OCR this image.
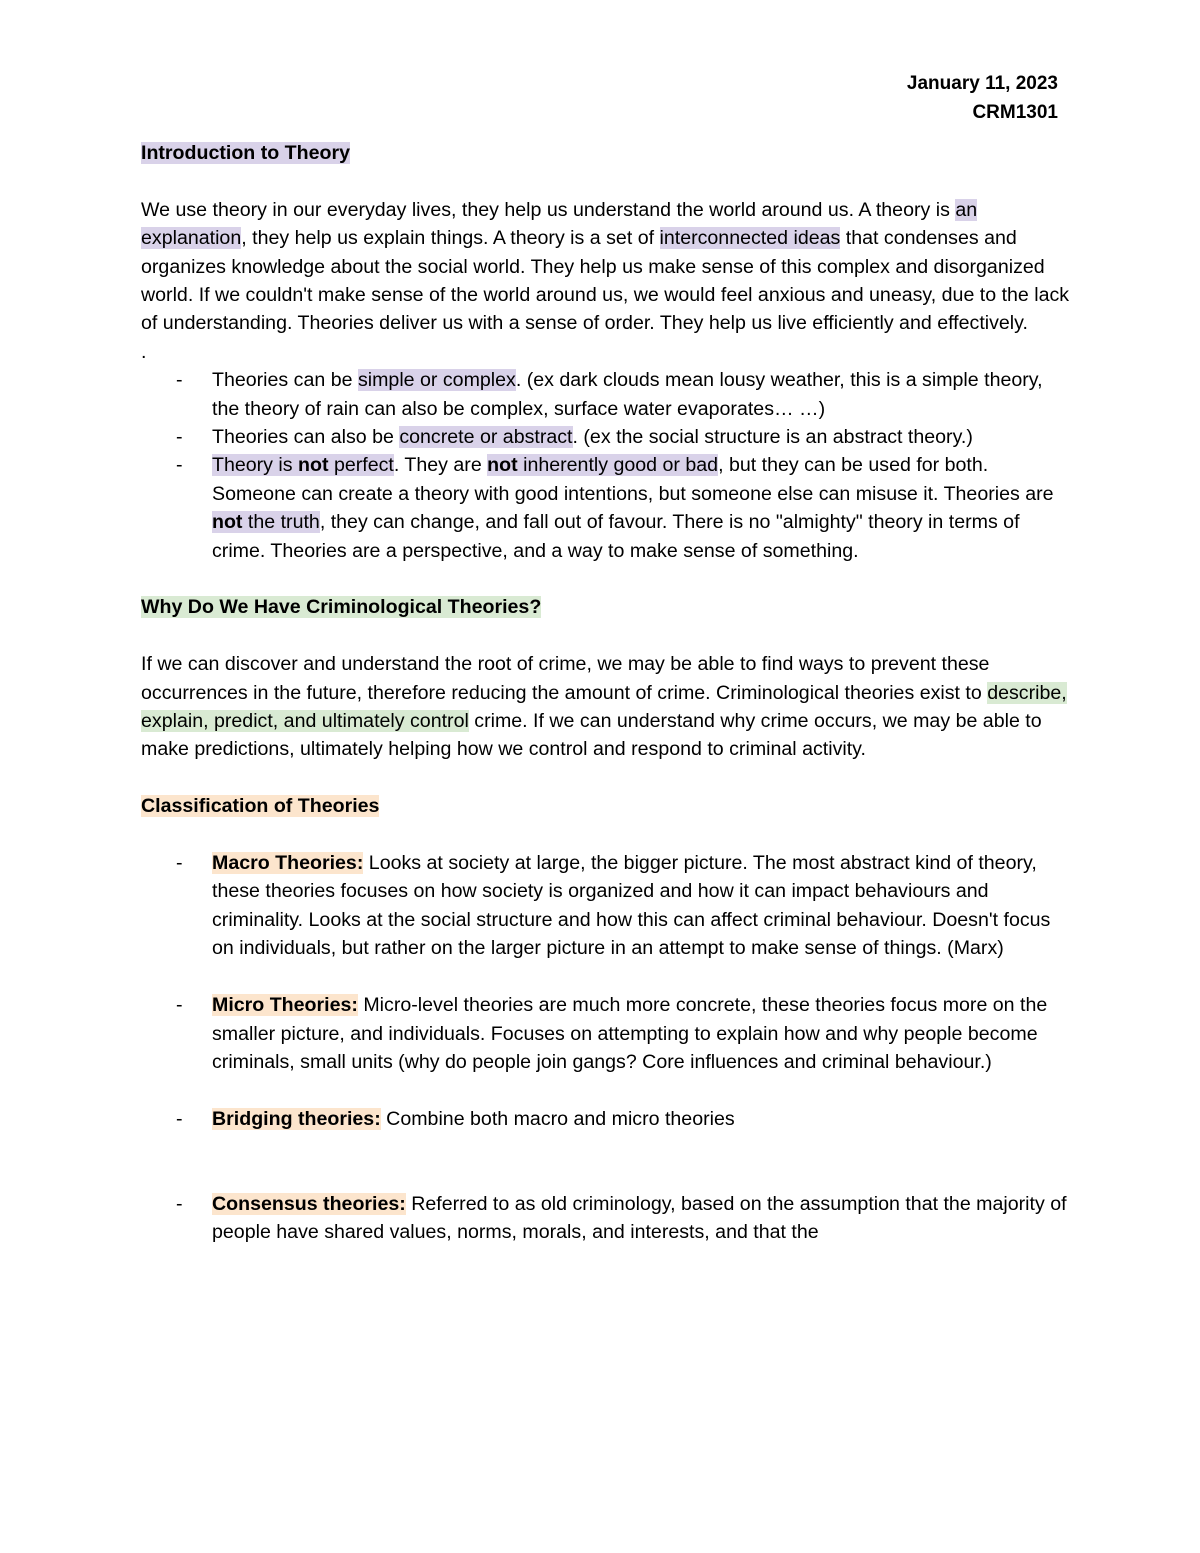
January 11, 2023
CRM1301

Introduction to Theory

We use theory in our everyday lives, they help us understand the world around us. A theory is an explanation, they help us explain things. A theory is a set of interconnected ideas that condenses and organizes knowledge about the social world. They help us make sense of this complex and disorganized world. If we couldn't make sense of the world around us, we would feel anxious and uneasy, due to the lack of understanding. Theories deliver us with a sense of order. They help us live efficiently and effectively.

.

- Theories can be simple or complex. (ex dark clouds mean lousy weather, this is a simple theory, the theory of rain can also be complex, surface water evaporates… …)
- Theories can also be concrete or abstract. (ex the social structure is an abstract theory.)
- Theory is not perfect. They are not inherently good or bad, but they can be used for both. Someone can create a theory with good intentions, but someone else can misuse it. Theories are not the truth, they can change, and fall out of favour. There is no "almighty" theory in terms of crime. Theories are a perspective, and a way to make sense of something.

Why Do We Have Criminological Theories?

If we can discover and understand the root of crime, we may be able to find ways to prevent these occurrences in the future, therefore reducing the amount of crime. Criminological theories exist to describe, explain, predict, and ultimately control crime. If we can understand why crime occurs, we may be able to make predictions, ultimately helping how we control and respond to criminal activity.

Classification of Theories

- Macro Theories: Looks at society at large, the bigger picture. The most abstract kind of theory, these theories focuses on how society is organized and how it can impact behaviours and criminality. Looks at the social structure and how this can affect criminal behaviour. Doesn't focus on individuals, but rather on the larger picture in an attempt to make sense of things. (Marx)
- Micro Theories: Micro-level theories are much more concrete, these theories focus more on the smaller picture, and individuals. Focuses on attempting to explain how and why people become criminals, small units (why do people join gangs? Core influences and criminal behaviour.)
- Bridging theories: Combine both macro and micro theories
- Consensus theories: Referred to as old criminology, based on the assumption that the majority of people have shared values, norms, morals, and interests, and that the
